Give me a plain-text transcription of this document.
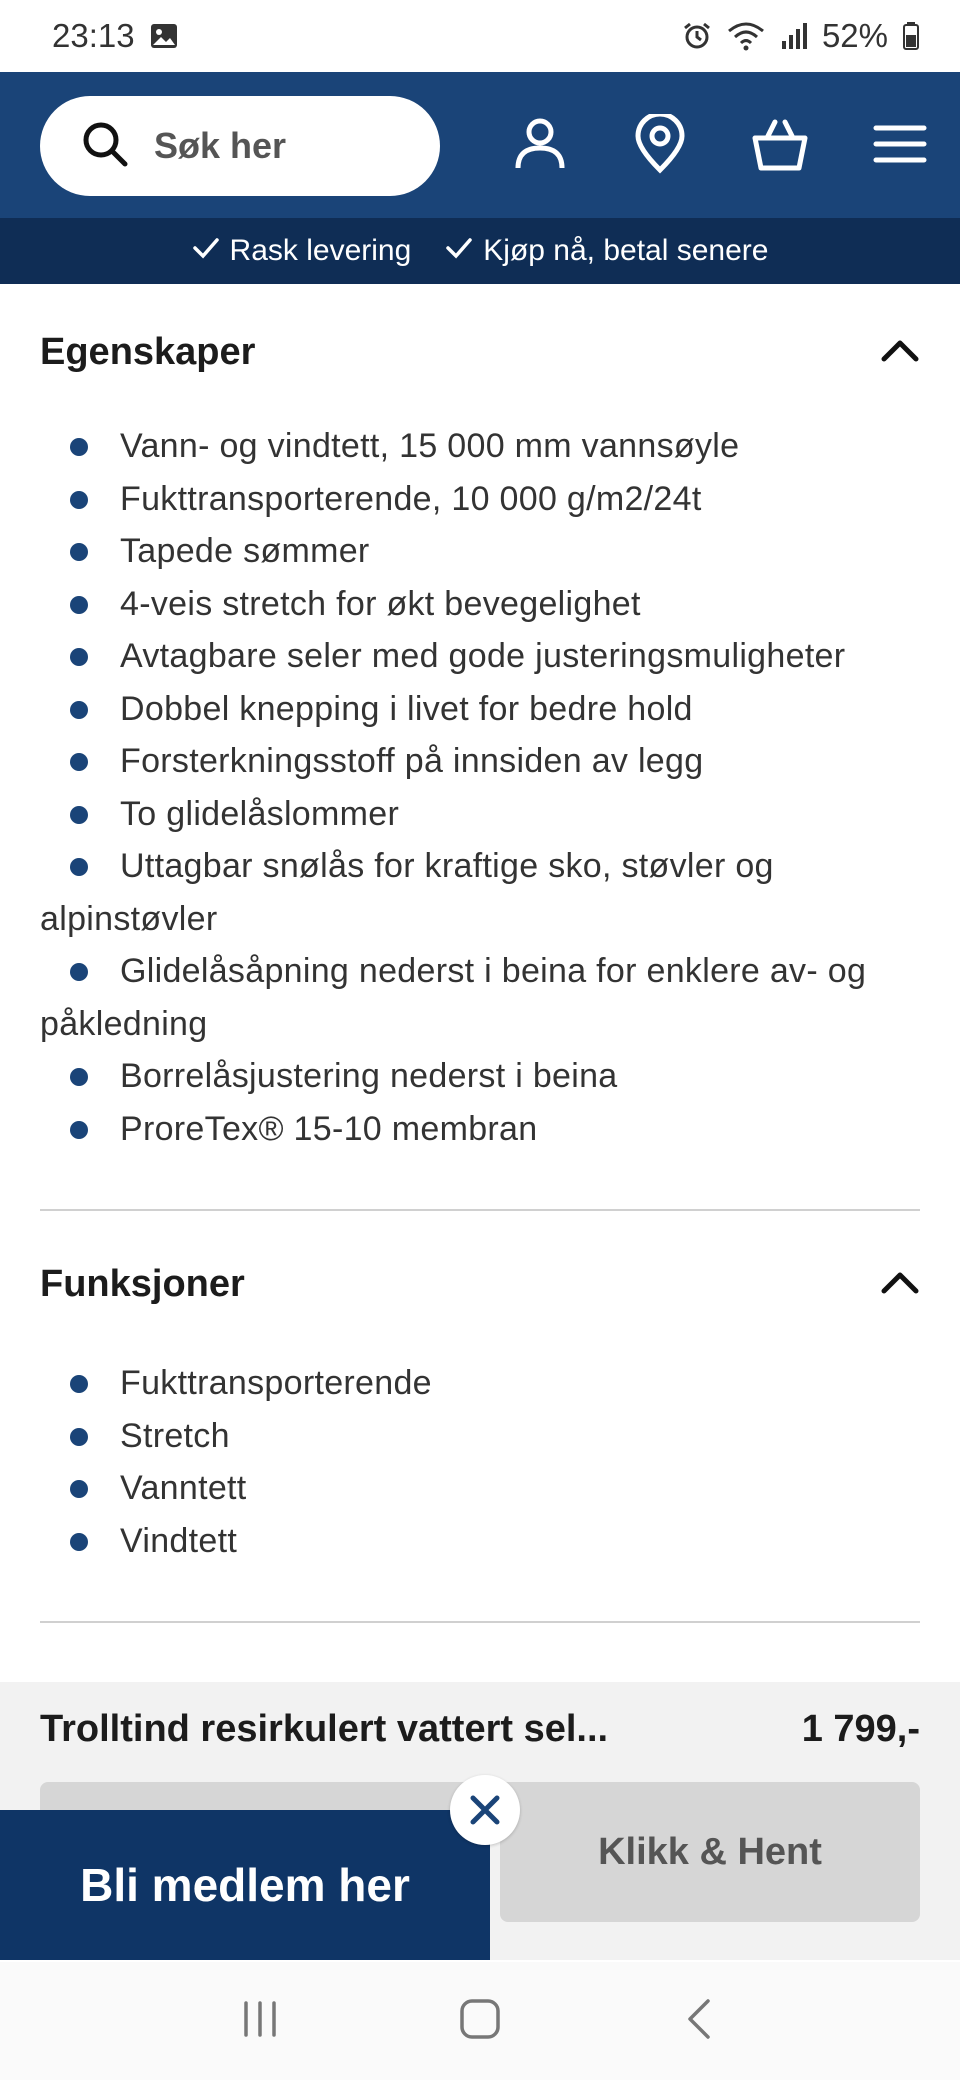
23:13	52%
Søk her
Rask levering Kjøp nå, betal senere
Egenskaper
Vann- og vindtett, 15 000 mm vannsøyle
Fukttransporterende, 10 000 g/m2/24t
Tapede sømmer
4-veis stretch for økt bevegelighet
Avtagbare seler med gode justeringsmuligheter
Dobbel knepping i livet for bedre hold
Forsterkningsstoff på innsiden av legg
To glidelåslommer
Uttagbar snølås for kraftige sko, støvler og alpinstøvler
Glidelåsåpning nederst i beina for enklere av- og påkledning
Borrelåsjustering nederst i beina
ProreTex® 15-10 membran
Funksjoner
Fukttransporterende
Stretch
Vanntett
Vindtett
Trolltind resirkulert vattert sel...	1 799,-
Klikk & Hent
Bli medlem her
